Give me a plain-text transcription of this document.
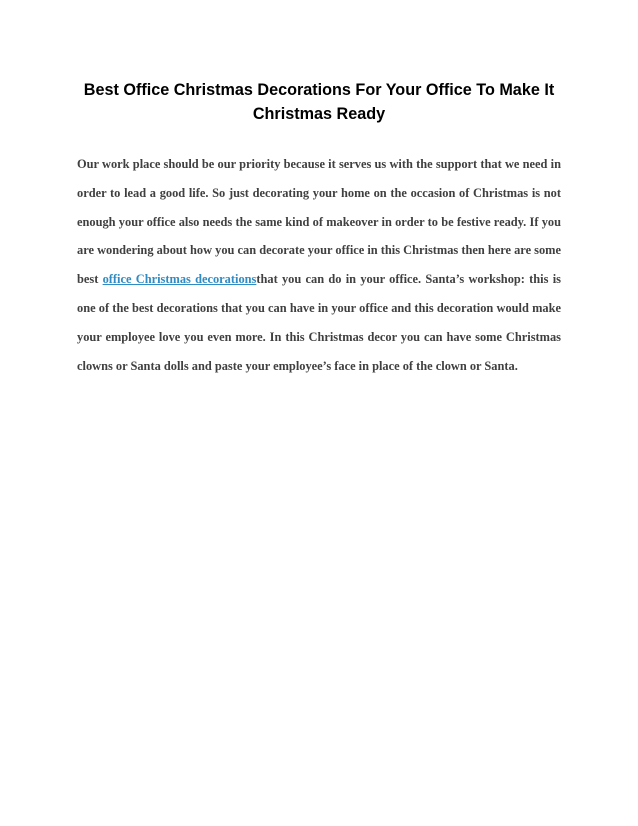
Best Office Christmas Decorations For Your Office To Make It Christmas Ready

Our work place should be our priority because it serves us with the support that we need in order to lead a good life. So just decorating your home on the occasion of Christmas is not enough your office also needs the same kind of makeover in order to be festive ready. If you are wondering about how you can decorate your office in this Christmas then here are some best office Christmas decorationsthat you can do in your office. Santa’s workshop: this is one of the best decorations that you can have in your office and this decoration would make your employee love you even more. In this Christmas decor you can have some Christmas clowns or Santa dolls and paste your employee’s face in place of the clown or Santa.
